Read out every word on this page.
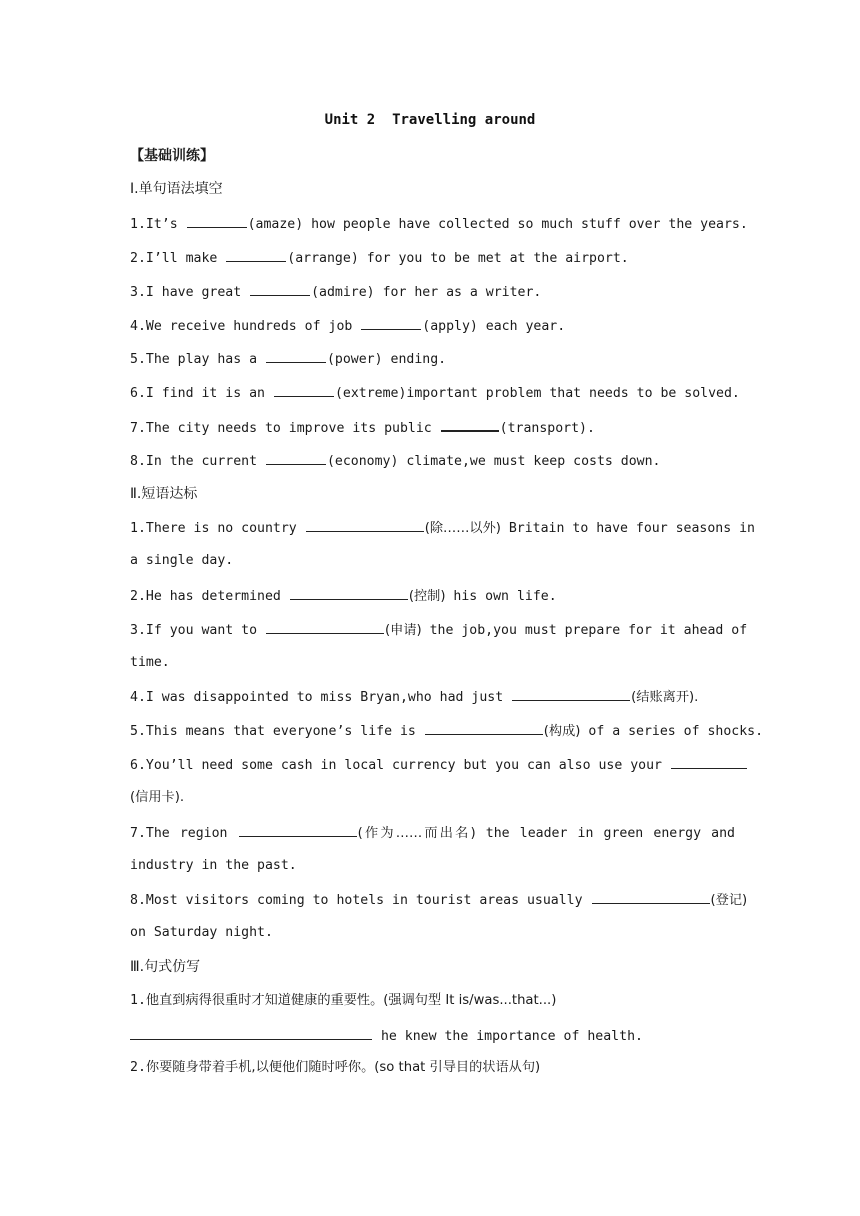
Unit 2  Travelling around
【基础训练】
Ⅰ.单句语法填空
1.It’s	(amaze) how people have collected so much stuff over the years.
2.I’ll make	(arrange) for you to be met at the airport.
3.I have great	(admire) for her as a writer.
4.We receive hundreds of job	(apply) each year.
5.The play has a	(power) ending.
6.I find it is an	(extreme)important problem that needs to be solved.
7.The city needs to improve its public	(transport).
8.In the current	(economy) climate,we must keep costs down.
Ⅱ.短语达标
1.There is no country	(除……以外) Britain to have four seasons in
a single day.
2.He has determined	(控制) his own life.
3.If you want to	(申请) the job,you must prepare for it ahead of
time.
4.I was disappointed to miss Bryan,who had just	(结账离开).
5.This means that everyone’s life is	(构成) of a series of shocks.
6.You’ll need some cash in local currency but you can also use your
(信用卡).
7.The region	(作为……而出名) the leader in green energy and
industry in the past.
8.Most visitors coming to hotels in tourist areas usually	(登记)
on Saturday night.
Ⅲ.句式仿写
1.他直到病得很重时才知道健康的重要性。(强调句型 It is/was...that...)
he knew the importance of health.
2.你要随身带着手机,以便他们随时呼你。(so that 引导目的状语从句)
